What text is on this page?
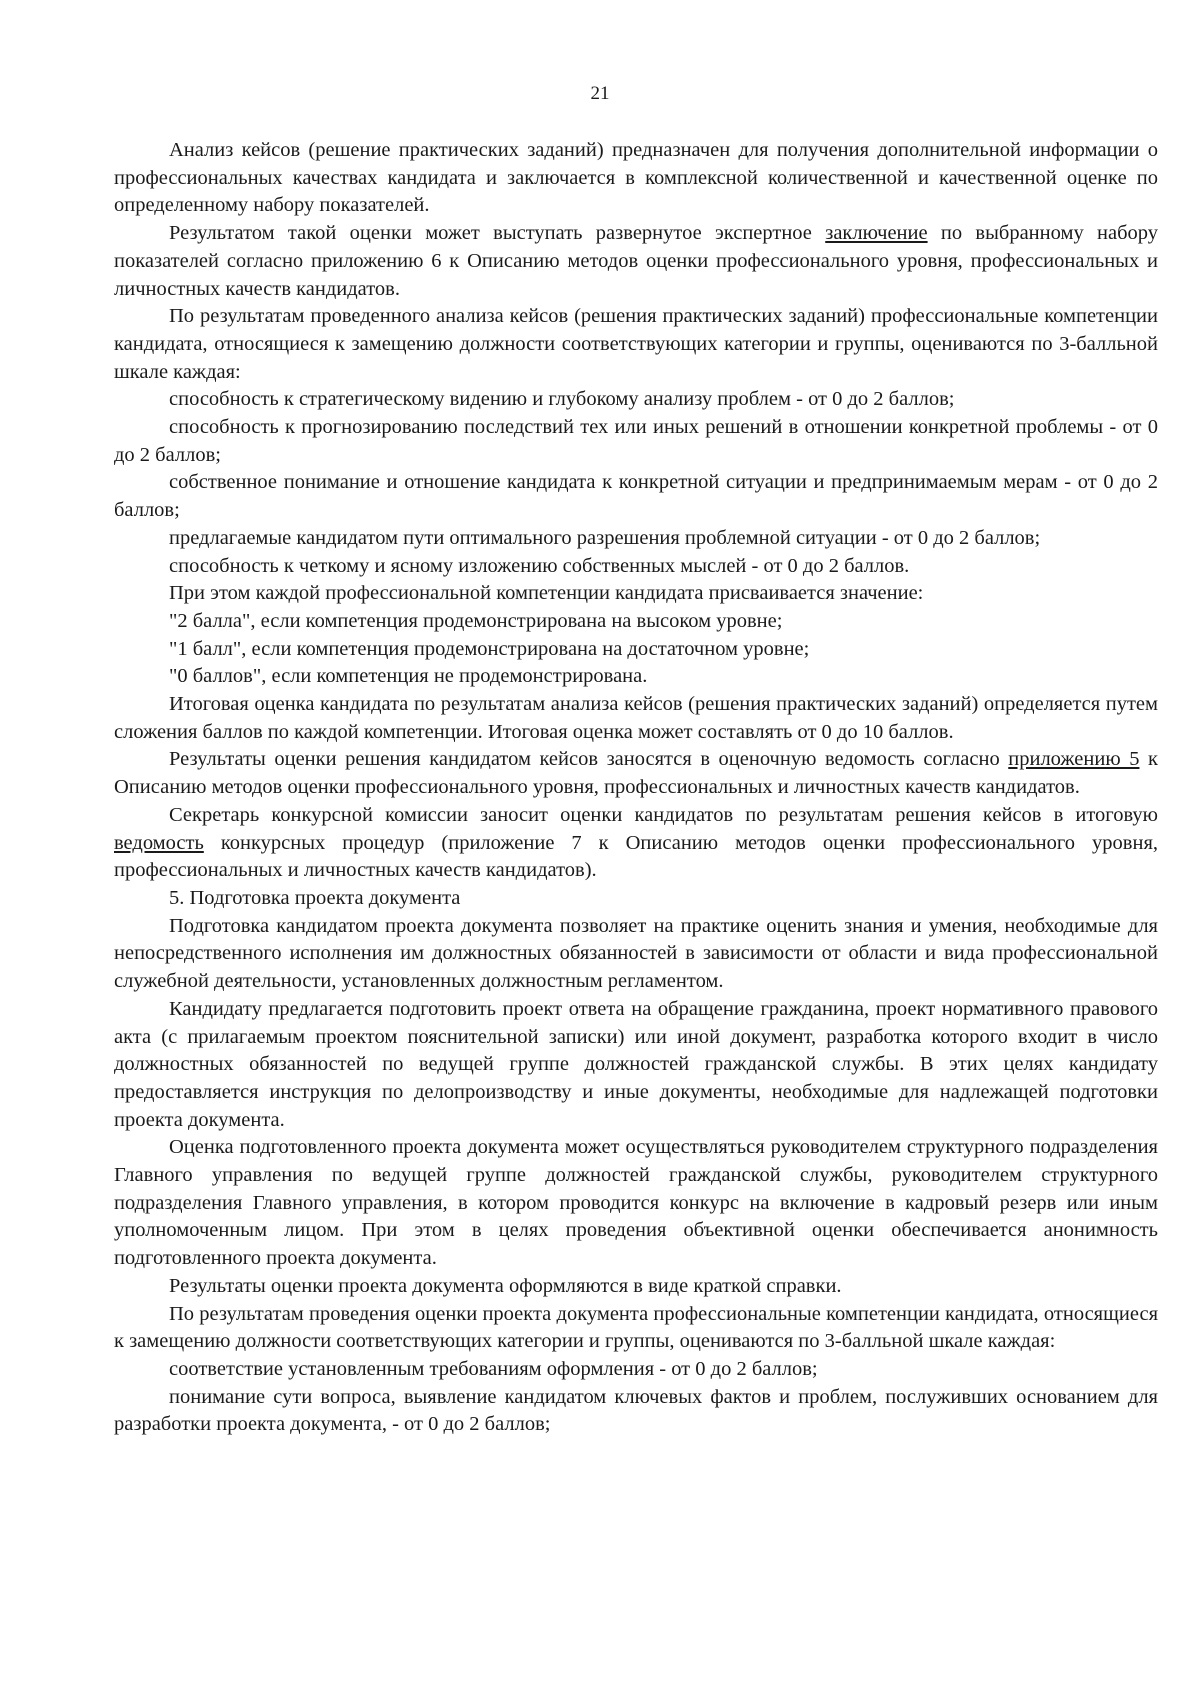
21

Анализ кейсов (решение практических заданий) предназначен для получения дополнительной информации о профессиональных качествах кандидата и заключается в комплексной количественной и качественной оценке по определенному набору показателей.

Результатом такой оценки может выступать развернутое экспертное заключение по выбранному набору показателей согласно приложению 6 к Описанию методов оценки профессионального уровня, профессиональных и личностных качеств кандидатов.

По результатам проведенного анализа кейсов (решения практических заданий) профессиональные компетенции кандидата, относящиеся к замещению должности соответствующих категории и группы, оцениваются по 3-балльной шкале каждая:

способность к стратегическому видению и глубокому анализу проблем - от 0 до 2 баллов;

способность к прогнозированию последствий тех или иных решений в отношении конкретной проблемы - от 0 до 2 баллов;

собственное понимание и отношение кандидата к конкретной ситуации и предпринимаемым мерам - от 0 до 2 баллов;

предлагаемые кандидатом пути оптимального разрешения проблемной ситуации - от 0 до 2 баллов;

способность к четкому и ясному изложению собственных мыслей - от 0 до 2 баллов.

При этом каждой профессиональной компетенции кандидата присваивается значение:

"2 балла", если компетенция продемонстрирована на высоком уровне;

"1 балл", если компетенция продемонстрирована на достаточном уровне;

"0 баллов", если компетенция не продемонстрирована.

Итоговая оценка кандидата по результатам анализа кейсов (решения практических заданий) определяется путем сложения баллов по каждой компетенции. Итоговая оценка может составлять от 0 до 10 баллов.

Результаты оценки решения кандидатом кейсов заносятся в оценочную ведомость согласно приложению 5 к Описанию методов оценки профессионального уровня, профессиональных и личностных качеств кандидатов.

Секретарь конкурсной комиссии заносит оценки кандидатов по результатам решения кейсов в итоговую ведомость конкурсных процедур (приложение 7 к Описанию методов оценки профессионального уровня, профессиональных и личностных качеств кандидатов).

5. Подготовка проекта документа

Подготовка кандидатом проекта документа позволяет на практике оценить знания и умения, необходимые для непосредственного исполнения им должностных обязанностей в зависимости от области и вида профессиональной служебной деятельности, установленных должностным регламентом.

Кандидату предлагается подготовить проект ответа на обращение гражданина, проект нормативного правового акта (с прилагаемым проектом пояснительной записки) или иной документ, разработка которого входит в число должностных обязанностей по ведущей группе должностей гражданской службы. В этих целях кандидату предоставляется инструкция по делопроизводству и иные документы, необходимые для надлежащей подготовки проекта документа.

Оценка подготовленного проекта документа может осуществляться руководителем структурного подразделения Главного управления по ведущей группе должностей гражданской службы, руководителем структурного подразделения Главного управления, в котором проводится конкурс на включение в кадровый резерв или иным уполномоченным лицом. При этом в целях проведения объективной оценки обеспечивается анонимность подготовленного проекта документа.

Результаты оценки проекта документа оформляются в виде краткой справки.

По результатам проведения оценки проекта документа профессиональные компетенции кандидата, относящиеся к замещению должности соответствующих категории и группы, оцениваются по 3-балльной шкале каждая:

соответствие установленным требованиям оформления - от 0 до 2 баллов;

понимание сути вопроса, выявление кандидатом ключевых фактов и проблем, послуживших основанием для разработки проекта документа, - от 0 до 2 баллов;
